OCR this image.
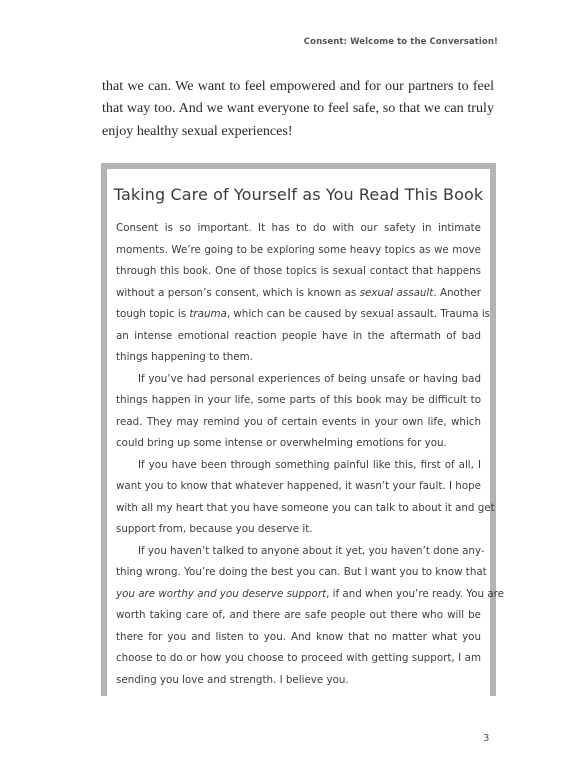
Consent: Welcome to the Conversation!

that we can. We want to feel empowered and for our partners to feel
that way too. And we want everyone to feel safe, so that we can truly
enjoy healthy sexual experiences!

Taking Care of Yourself as You Read This Book

Consent is so important. It has to do with our safety in intimate
moments. We’re going to be exploring some heavy topics as we move
through this book. One of those topics is sexual contact that happens
without a person’s consent, which is known as sexual assault. Another
tough topic is trauma, which can be caused by sexual assault. Trauma is
an intense emotional reaction people have in the aftermath of bad
things happening to them.

If you’ve had personal experiences of being unsafe or having bad
things happen in your life, some parts of this book may be difficult to
read. They may remind you of certain events in your own life, which
could bring up some intense or overwhelming emotions for you.

If you have been through something painful like this, first of all, I
want you to know that whatever happened, it wasn’t your fault. I hope
with all my heart that you have someone you can talk to about it and get
support from, because you deserve it.

If you haven’t talked to anyone about it yet, you haven’t done any-
thing wrong. You’re doing the best you can. But I want you to know that
you are worthy and you deserve support, if and when you’re ready. You are
worth taking care of, and there are safe people out there who will be
there for you and listen to you. And know that no matter what you
choose to do or how you choose to proceed with getting support, I am
sending you love and strength. I believe you.

3
